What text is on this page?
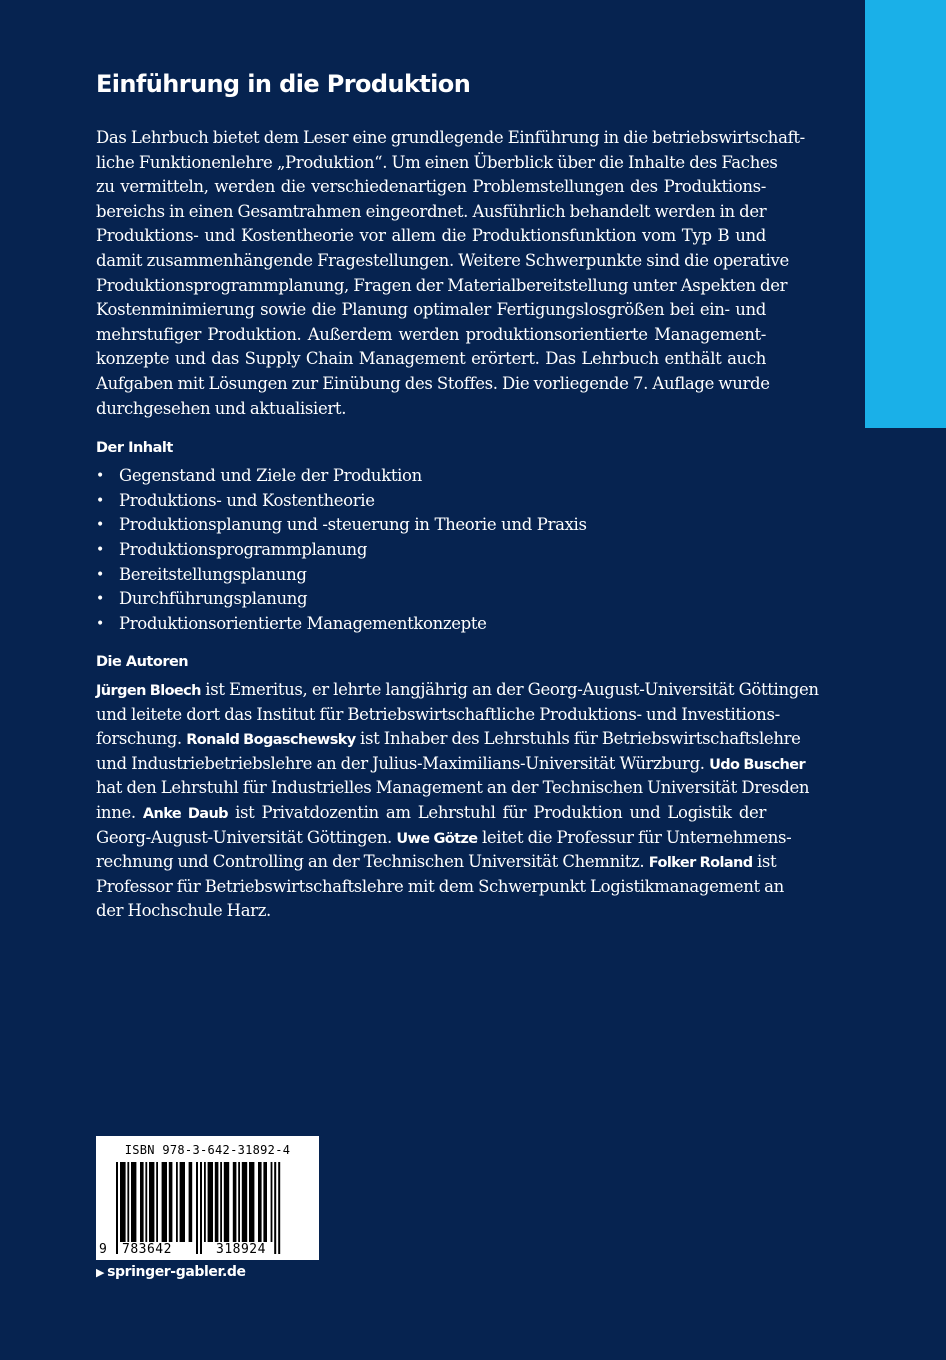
Einführung in die Produktion
Das Lehrbuch bietet dem Leser eine grundlegende Einführung in die betriebswirtschaft-
liche Funktionenlehre „Produktion“. Um einen Überblick über die Inhalte des Faches
zu vermitteln, werden die verschiedenartigen Problemstellungen des Produktions-
bereichs in einen Gesamtrahmen eingeordnet. Ausführlich behandelt werden in der
Produktions- und Kostentheorie vor allem die Produktionsfunktion vom Typ B und
damit zusammenhängende Fragestellungen. Weitere Schwerpunkte sind die operative
Produktionsprogrammplanung, Fragen der Materialbereitstellung unter Aspekten der
Kostenminimierung sowie die Planung optimaler Fertigungslosgrößen bei ein- und
mehrstufiger Produktion. Außerdem werden produktionsorientierte Management-
konzepte und das Supply Chain Management erörtert. Das Lehrbuch enthält auch
Aufgaben mit Lösungen zur Einübung des Stoffes. Die vorliegende 7. Auflage wurde
durchgesehen und aktualisiert.
Der Inhalt
• Gegenstand und Ziele der Produktion
• Produktions- und Kostentheorie
• Produktionsplanung und -steuerung in Theorie und Praxis
• Produktionsprogrammplanung
• Bereitstellungsplanung
• Durchführungsplanung
• Produktionsorientierte Managementkonzepte
Die Autoren
Jürgen Bloech ist Emeritus, er lehrte langjährig an der Georg-August-Universität Göttingen
und leitete dort das Institut für Betriebswirtschaftliche Produktions- und Investitions-
forschung. Ronald Bogaschewsky ist Inhaber des Lehrstuhls für Betriebswirtschaftslehre
und Industriebetriebslehre an der Julius-Maximilians-Universität Würzburg. Udo Buscher
hat den Lehrstuhl für Industrielles Management an der Technischen Universität Dresden
inne. Anke Daub ist Privatdozentin am Lehrstuhl für Produktion und Logistik der
Georg-August-Universität Göttingen. Uwe Götze leitet die Professur für Unternehmens-
rechnung und Controlling an der Technischen Universität Chemnitz. Folker Roland ist
Professor für Betriebswirtschaftslehre mit dem Schwerpunkt Logistikmanagement an
der Hochschule Harz.
ISBN 978-3-642-31892-4
9 783642	318924
▶ springer-gabler.de
